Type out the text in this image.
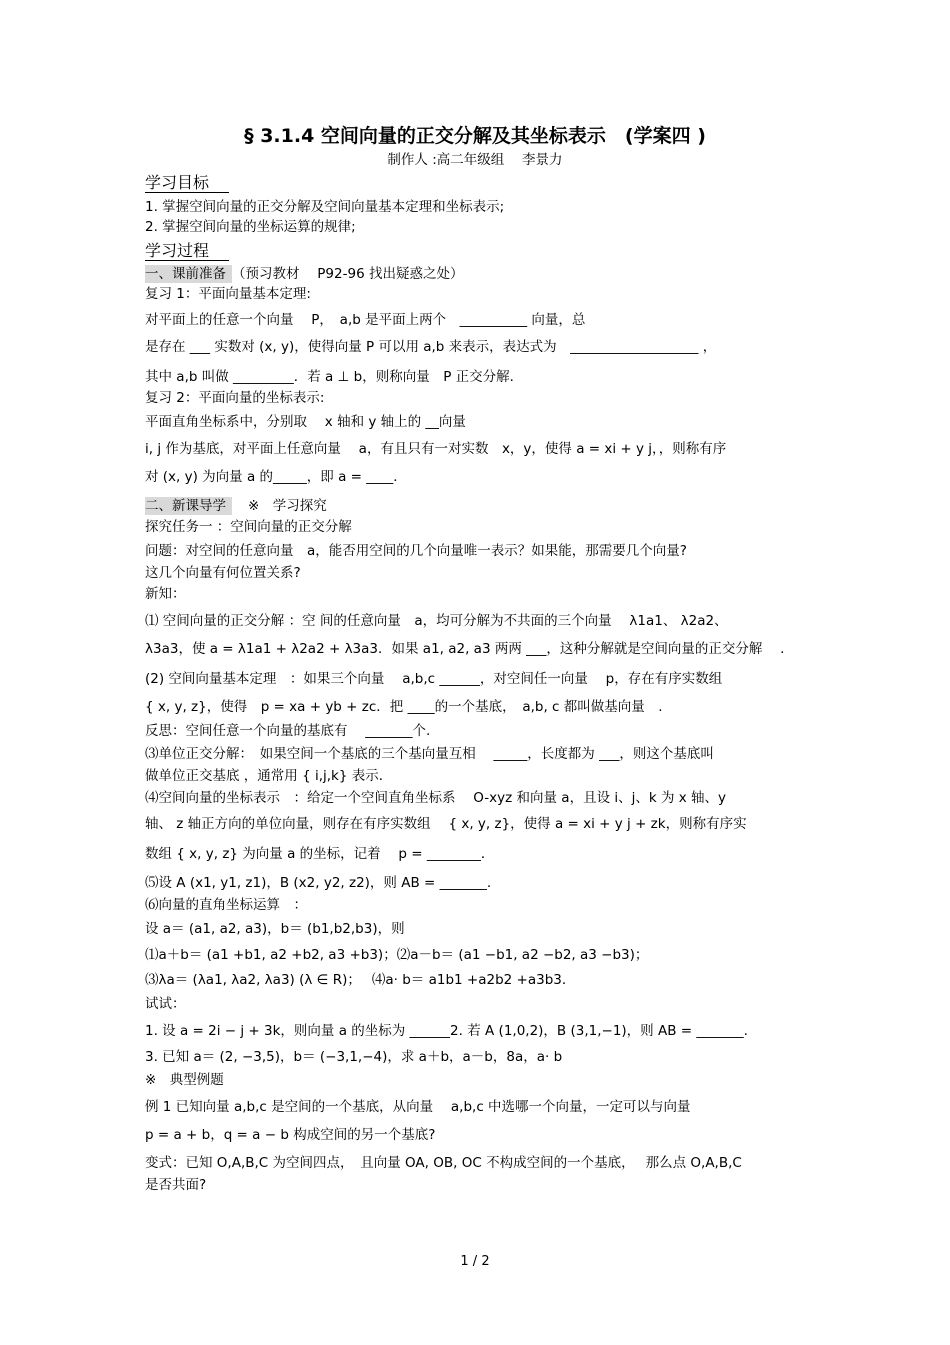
§ 3.1.4 空间向量的正交分解及其坐标表示　(学案四 )
制作人 :高二年级组　 李景力
学习目标
1. 掌握空间向量的正交分解及空间向量基本定理和坐标表示;
2. 掌握空间向量的坐标运算的规律;
学习过程
一、课前准备 （预习教材　 P92-96 找出疑惑之处）
复习 1：平面向量基本定理:
对平面上的任意一个向量　 P，　a,b 是平面上两个　__________ 向量，总
是存在 ___ 实数对 (x, y)，使得向量 P 可以用 a,b 来表示，表达式为　___________________ ，
其中 a,b 叫做 _________．若 a ⊥ b，则称向量　P 正交分解．
复习 2：平面向量的坐标表示:
平面直角坐标系中，分别取　 x 轴和 y 轴上的 __向量
i, j 作为基底，对平面上任意向量　 a，有且只有一对实数　x，y，使得 a = xi + y j，，则称有序
对 (x, y) 为向量 a 的_____，即 a = ____．
二、新课导学 ※　学习探究
探究任务一 ：空间向量的正交分解
问题：对空间的任意向量　a，能否用空间的几个向量唯一表示？如果能，那需要几个向量?
这几个向量有何位置关系?
新知：
⑴ 空间向量的正交分解 ：空 间的任意向量　a，均可分解为不共面的三个向量　 λ1a1、 λ2a2、
λ3a3，使 a = λ1a1 + λ2a2 + λ3a3．如果 a1, a2, a3 两两 ___，这种分解就是空间向量的正交分解　 .
(2) 空间向量基本定理　：如果三个向量　 a,b,c ______，对空间任一向量　 p，存在有序实数组
{ x, y, z}，使得　p = xa + yb + zc．把 ____的一个基底，　a,b, c 都叫做基向量　.
反思：空间任意一个向量的基底有　 _______个.
⑶单位正交分解：　如果空间一个基底的三个基向量互相　 _____，长度都为 ___，则这个基底叫
做单位正交基底 ，通常用 { i,j,k} 表示．
⑷空间向量的坐标表示　：给定一个空间直角坐标系　 O-xyz 和向量 a，且设 i、j、k 为 x 轴、y
轴、 z 轴正方向的单位向量，则存在有序实数组　 { x, y, z}，使得 a = xi + y j + zk，则称有序实
数组 { x, y, z} 为向量 a 的坐标，记着　 p = ________．
⑸设 A (x1, y1, z1)，B (x2, y2, z2)，则 AB = _______.
⑹向量的直角坐标运算　：
设 a＝ (a1, a2, a3)，b＝ (b1,b2,b3)，则
⑴a＋b＝ (a1 +b1, a2 +b2, a3 +b3)；⑵a－b＝ (a1 −b1, a2 −b2, a3 −b3)；
⑶λa＝ (λa1, λa2, λa3) (λ ∈ R)；　 ⑷a· b＝ a1b1 +a2b2 +a3b3．
试试：
1. 设 a = 2i − j + 3k，则向量 a 的坐标为 ______2. 若 A (1,0,2)，B (3,1,−1)，则 AB = _______.
3. 已知 a＝ (2, −3,5)，b＝ (−3,1,−4)，求 a＋b，a－b，8a，a· b
※　典型例题
例 1 已知向量 a,b,c 是空间的一个基底，从向量　 a,b,c 中选哪一个向量，一定可以与向量
p = a + b，q = a − b 构成空间的另一个基底?
变式：已知 O,A,B,C 为空间四点，　且向量 OA, OB, OC 不构成空间的一个基底，　 那么点 O,A,B,C
是否共面?
1 / 2
